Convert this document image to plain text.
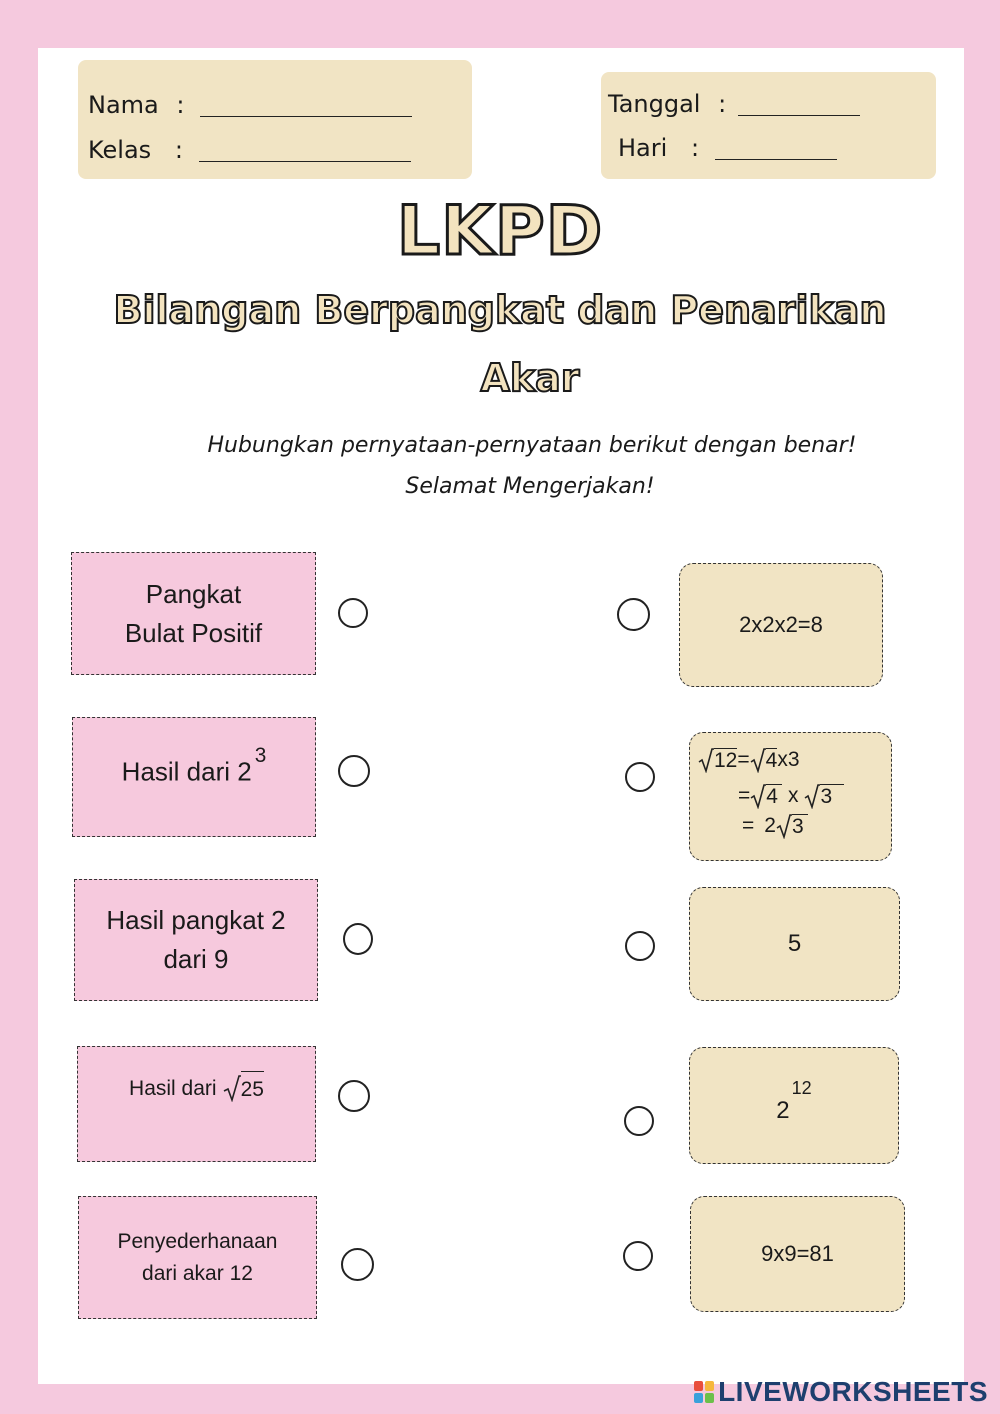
Nama :
Kelas :
Tanggal :
Hari :
LKPD
Bilangan Berpangkat dan Penarikan
Akar
Hubungkan pernyataan-pernyataan berikut dengan benar!
Selamat Mengerjakan!
Pangkat
Bulat Positif
Hasil dari $2^3$
Hasil pangkat 2
dari 9
Hasil dari 25
Penyederhanaan
dari akar 12
2x2x2=8
12 = 4 x3
= 4 x 3
= 2 3
5
2
12
9x9=81
LIVEWORKSHEETS
